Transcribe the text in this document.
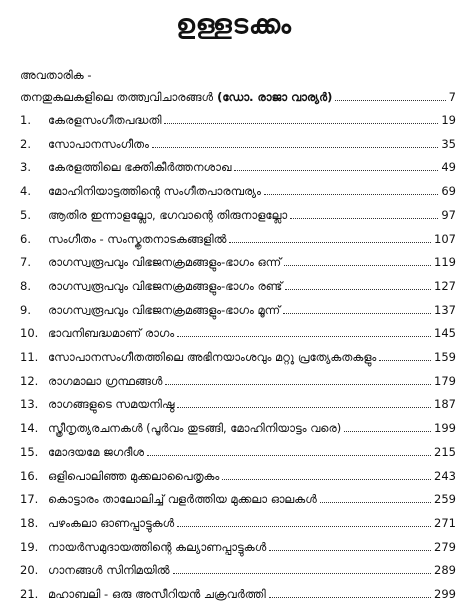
ഉള്ളടക്കം
അവതാരിക -
തനതുകലകളിലെ തത്ത്വവിചാരങ്ങൾ (ഡോ. രാജാ വാര്യർ)	7
1.	കേരളസംഗീതപദ്ധതി	19
2.	സോപാനസംഗീതം	35
3.	കേരളത്തിലെ ഭക്തികീർത്തനശാഖ	49
4.	മോഹിനിയാട്ടത്തിന്റെ സംഗീതപാരമ്പര്യം	69
5.	ആതിര ഇന്നാളല്ലോ, ഭഗവാന്റെ തിരുനാളല്ലോ	97
6.	സംഗീതം - സംസ്കൃതനാടകങ്ങളിൽ	107
7.	രാഗസ്വരൂപവും വിഭജനക്രമങ്ങളും-ഭാഗം ഒന്ന്	119
8.	രാഗസ്വരൂപവും വിഭജനക്രമങ്ങളും-ഭാഗം രണ്ട്	127
9.	രാഗസ്വരൂപവും വിഭജനക്രമങ്ങളും-ഭാഗം മൂന്ന്	137
10. ഭാവനിബദ്ധമാണ് രാഗം	145
11. സോപാനസംഗീതത്തിലെ അഭിനയാംശവും മറ്റു പ്രത്യേകതകളും	159
12. രാഗമാലാ ഗ്രന്ഥങ്ങൾ	179
13. രാഗങ്ങളുടെ സമയനിഷ്ഠ	187
14. സ്ത്രീനൃത്യരചനകൾ (പൂർവം തുടങ്ങി, മോഹിനിയാട്ടം വരെ)	199
15. മോദയമേ ജഗദീശ	215
16. ഒളിപൊലിഞ്ഞ മുക്കലാപൈതൃകം	243
17. കൊട്ടാരം താലോലിച്ച് വളർത്തിയ മുക്കലാ ഓലകൾ	259
18. പഴംകലാ ഓണപ്പാട്ടുകൾ	271
19. നായർസമുദായത്തിന്റെ കല്യാണപ്പാട്ടുകൾ	279
20. ഗാനങ്ങൾ സിനിമയിൽ	289
21. മഹാബലി - ഒരു അസീറിയൻ ചക്രവർത്തി	299
